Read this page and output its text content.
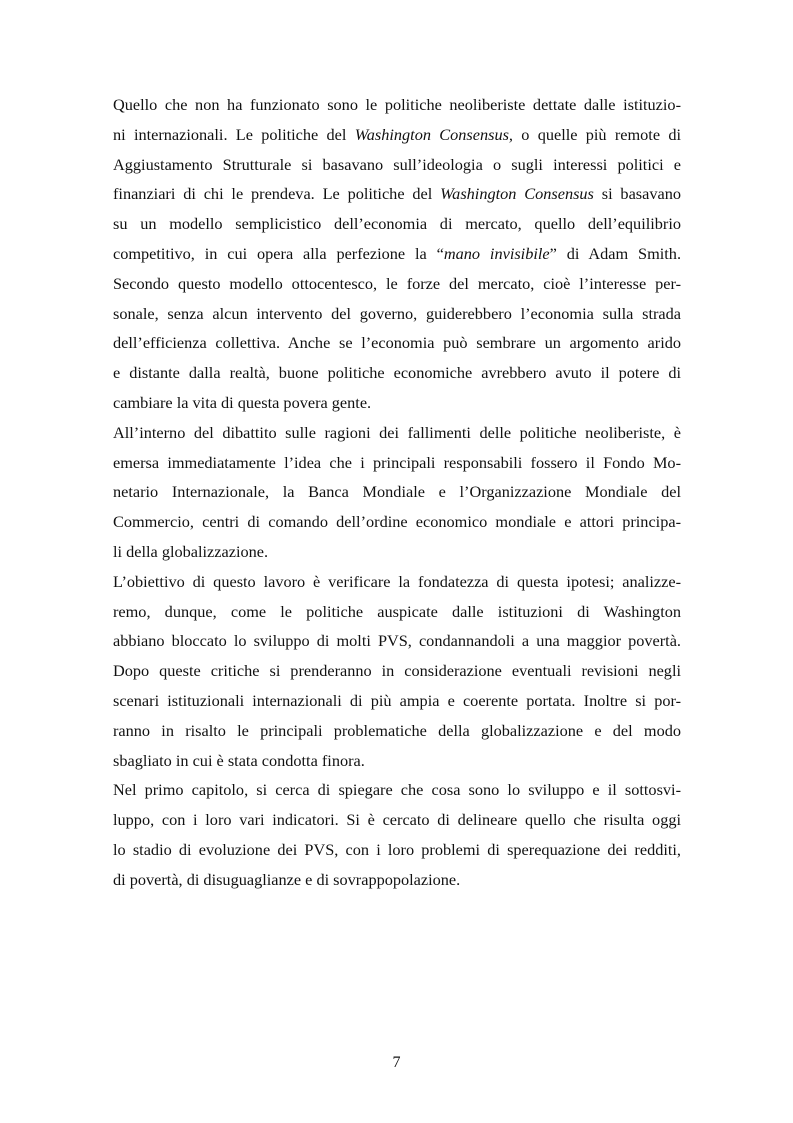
Quello che non ha funzionato sono le politiche neoliberiste dettate dalle istituzio-
ni internazionali. Le politiche del Washington Consensus, o quelle più remote di
Aggiustamento Strutturale si basavano sull’ideologia o sugli interessi politici e
finanziari di chi le prendeva. Le politiche del Washington Consensus si basavano
su un modello semplicistico dell’economia di mercato, quello dell’equilibrio
competitivo, in cui opera alla perfezione la “mano invisibile” di Adam Smith.
Secondo questo modello ottocentesco, le forze del mercato, cioè l’interesse per-
sonale, senza alcun intervento del governo, guiderebbero l’economia sulla strada
dell’efficienza collettiva. Anche se l’economia può sembrare un argomento arido
e distante dalla realtà, buone politiche economiche avrebbero avuto il potere di
cambiare la vita di questa povera gente.
All’interno del dibattito sulle ragioni dei fallimenti delle politiche neoliberiste, è
emersa immediatamente l’idea che i principali responsabili fossero il Fondo Mo-
netario Internazionale, la Banca Mondiale e l’Organizzazione Mondiale del
Commercio, centri di comando dell’ordine economico mondiale e attori principa-
li della globalizzazione.
L’obiettivo di questo lavoro è verificare la fondatezza di questa ipotesi; analizze-
remo, dunque, come le politiche auspicate dalle istituzioni di Washington
abbiano bloccato lo sviluppo di molti PVS, condannandoli a una maggior povertà.
Dopo queste critiche si prenderanno in considerazione eventuali revisioni negli
scenari istituzionali internazionali di più ampia e coerente portata. Inoltre si por-
ranno in risalto le principali problematiche della globalizzazione e del modo
sbagliato in cui è stata condotta finora.
Nel primo capitolo, si cerca di spiegare che cosa sono lo sviluppo e il sottosvi-
luppo, con i loro vari indicatori. Si è cercato di delineare quello che risulta oggi
lo stadio di evoluzione dei PVS, con i loro problemi di sperequazione dei redditi,
di povertà, di disuguaglianze e di sovrappopolazione.
7
